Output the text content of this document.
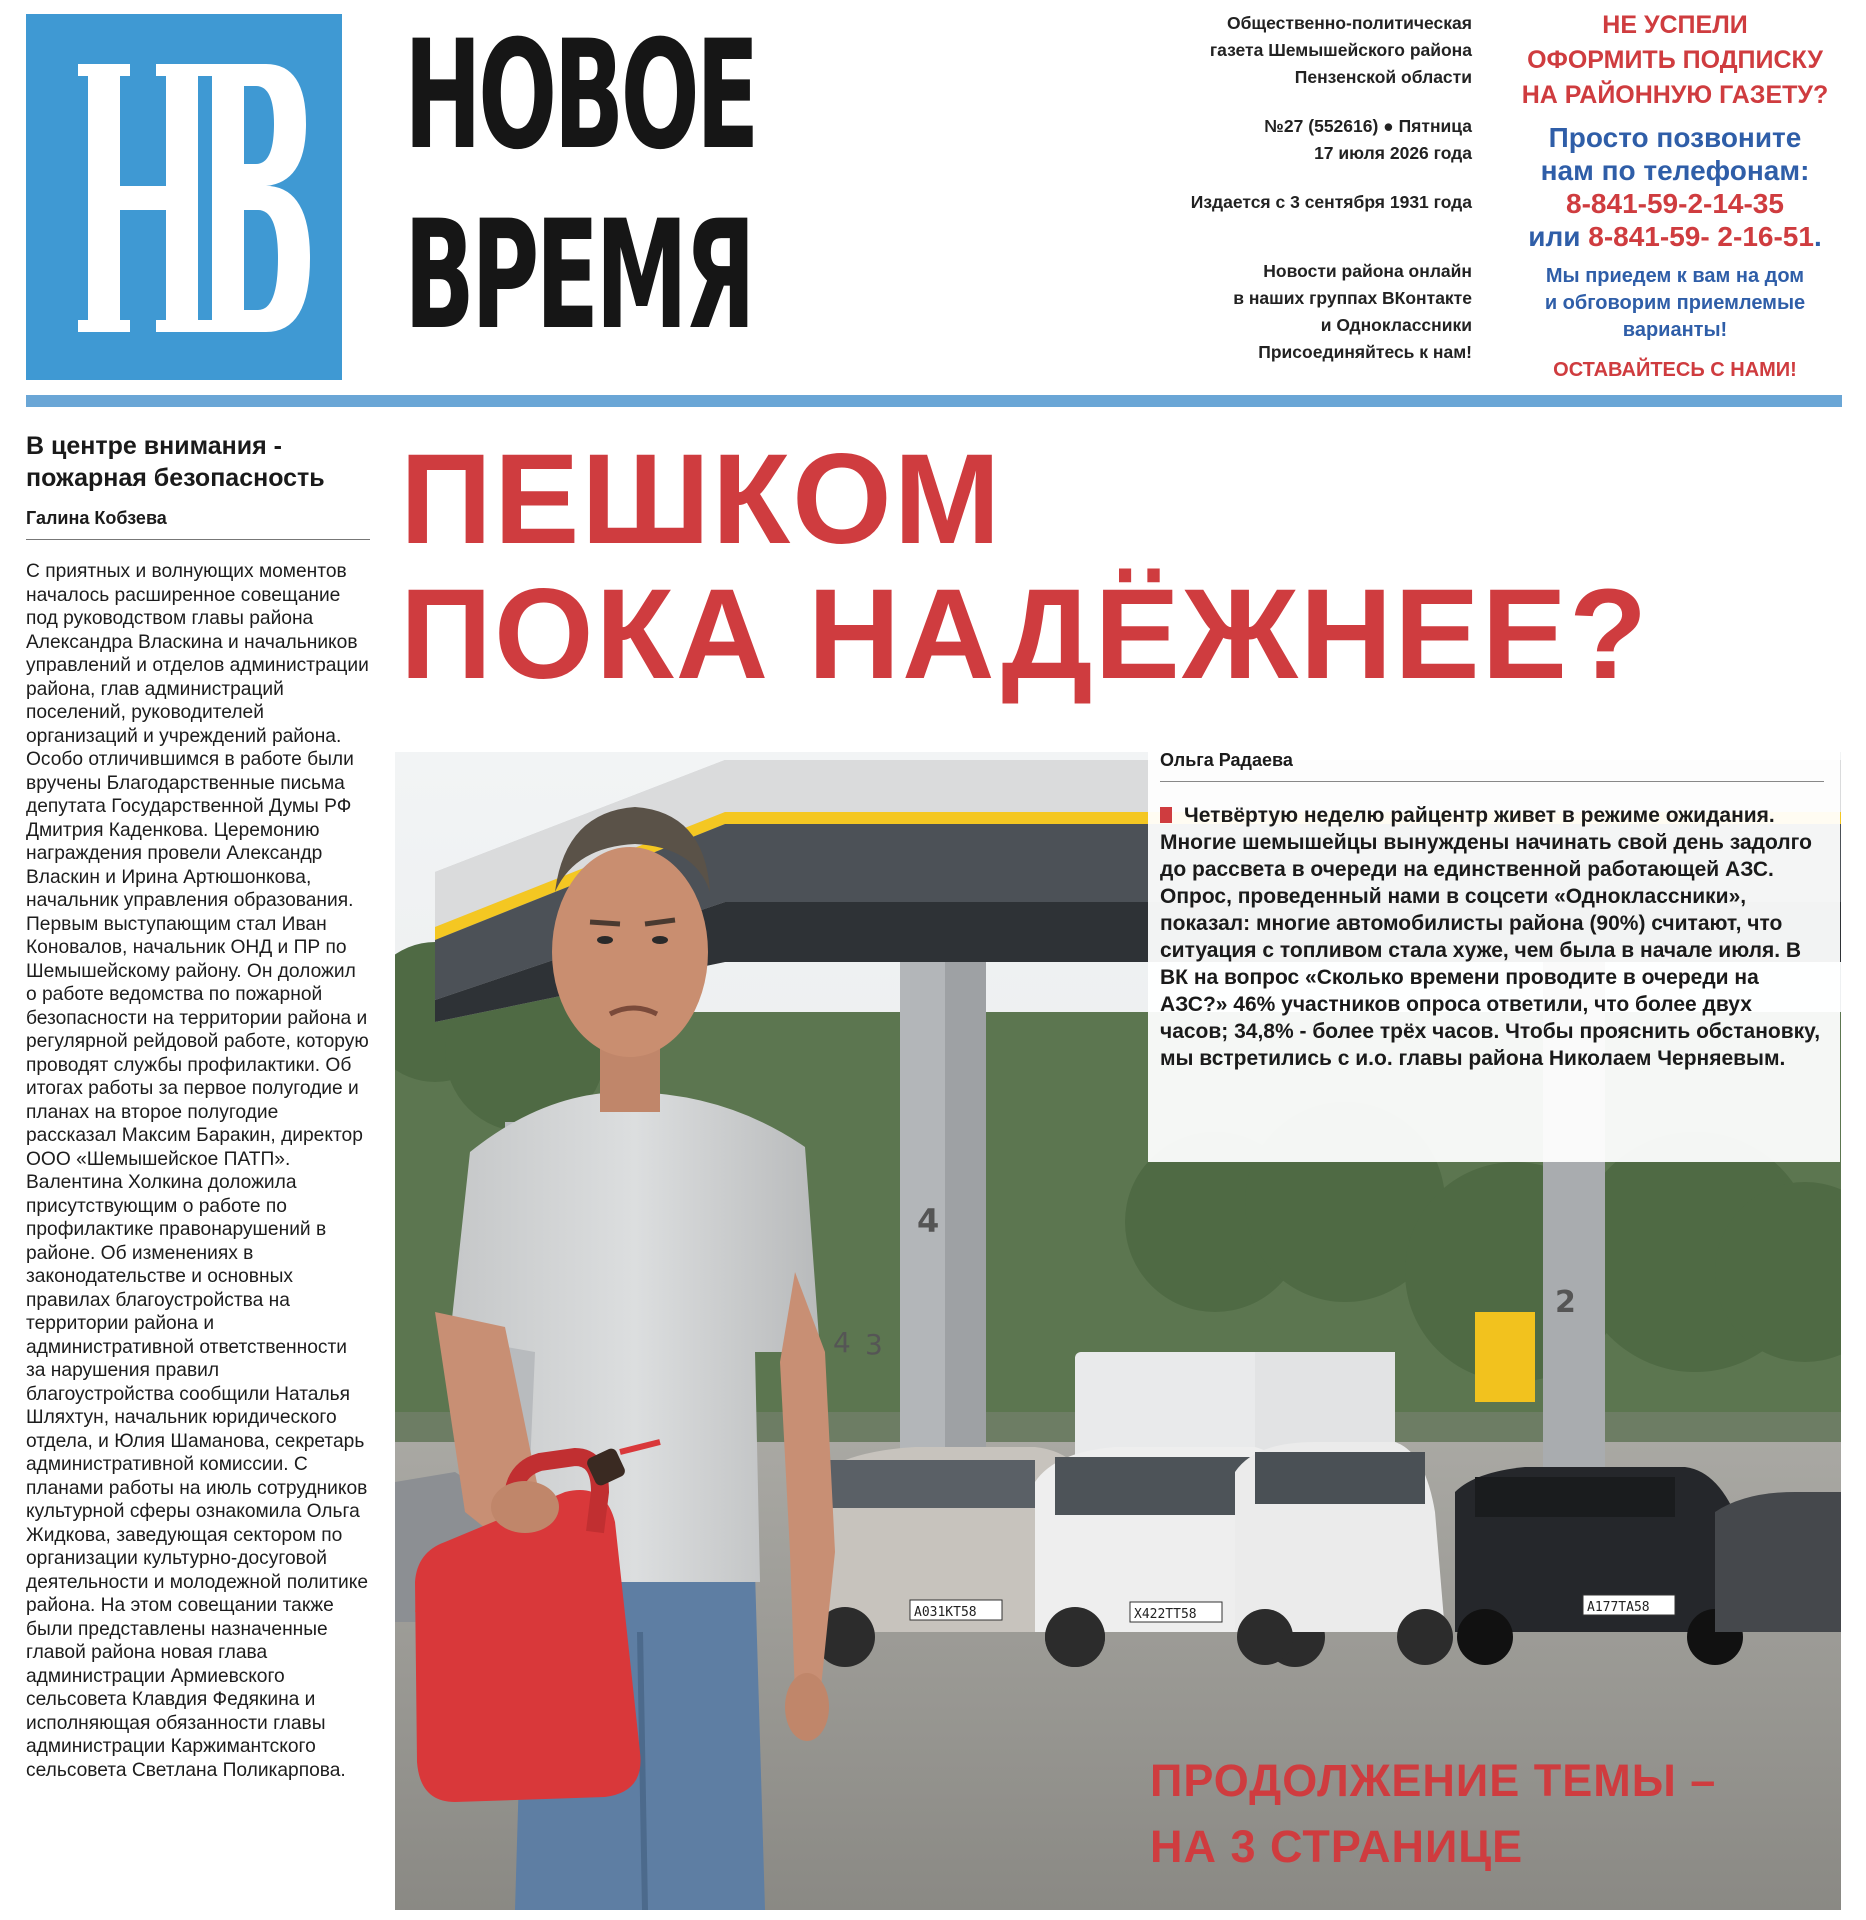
НОВОЕ
ВРЕМЯ
Общественно-политическая
газета Шемышейского района
Пензенской области
№27 (552616) ● Пятница
17 июля 2026 года
Издается с 3 сентября 1931 года
Новости района онлайн
в наших группах ВКонтакте
и Одноклассники
Присоединяйтесь к нам!
НЕ УСПЕЛИ
ОФОРМИТЬ ПОДПИСКУ
НА РАЙОННУЮ ГАЗЕТУ?
Просто позвоните
нам по телефонам:
8-841-59-2-14-35
или 8-841-59- 2-16-51.
Мы приедем к вам на дом
и обговорим приемлемые
варианты!
ОСТАВАЙТЕСЬ С НАМИ!
В центре внимания -
пожарная безопасность
Галина Кобзева
С приятных и волнующих моментов началось расширенное совещание под руководством главы района Александра Власкина и начальников управлений и отделов администрации района, глав администраций поселений, руководителей организаций и учреждений района. Особо отличившимся в работе были вручены Благодарственные письма депутата Государственной Думы РФ Дмитрия Каденкова. Церемонию награждения провели Александр Власкин и Ирина Артюшонкова, начальник управления образования. Первым выступающим стал Иван Коновалов, начальник ОНД и ПР по Шемышейскому району. Он доложил о работе ведомства по пожарной безопасности на территории района и регулярной рейдовой работе, которую проводят службы профилактики. Об итогах работы за первое полугодие и планах на второе полугодие рассказал Максим Баракин, директор ООО «Шемышейское ПАТП». Валентина Холкина доложила присутствующим о работе по профилактике правонарушений в районе. Об изменениях в законодательстве и основных правилах благоустройства на территории района и административной ответственности за нарушения правил благоустройства сообщили Наталья Шляхтун, начальник юридического отдела, и Юлия Шаманова, секретарь административной комиссии. С планами работы на июль сотрудников культурной сферы ознакомила Ольга Жидкова, заведующая сектором по организации культурно-досуговой деятельности и молодежной политике района. На этом совещании также были представлены назначенные главой района новая глава администрации Армиевского сельсовета Клавдия Федякина и исполняющая обязанности главы администрации Каржимантского сельсовета Светлана Поликарпова.
ПЕШКОМ
ПОКА НАДЁЖНЕЕ?
4
4 3
2
А031КТ58	Х422ТТ58	А177ТА58
Ольга Радаева
Четвёртую неделю райцентр живет в режиме ожидания. Многие шемышейцы вынуждены начинать свой день задолго до рассвета в очереди на единственной работающей АЗС. Опрос, проведенный нами в соцсети «Одноклассники», показал: многие автомобилисты района (90%) считают, что ситуация с топливом стала хуже, чем была в начале июля. В ВК на вопрос «Сколько времени проводите в очереди на АЗС?» 46% участников опроса ответили, что более двух часов; 34,8% - более трёх часов. Чтобы прояснить обстановку, мы встретились с и.о. главы района Николаем Черняевым.
ПРОДОЛЖЕНИЕ ТЕМЫ –
НА 3 СТРАНИЦЕ
